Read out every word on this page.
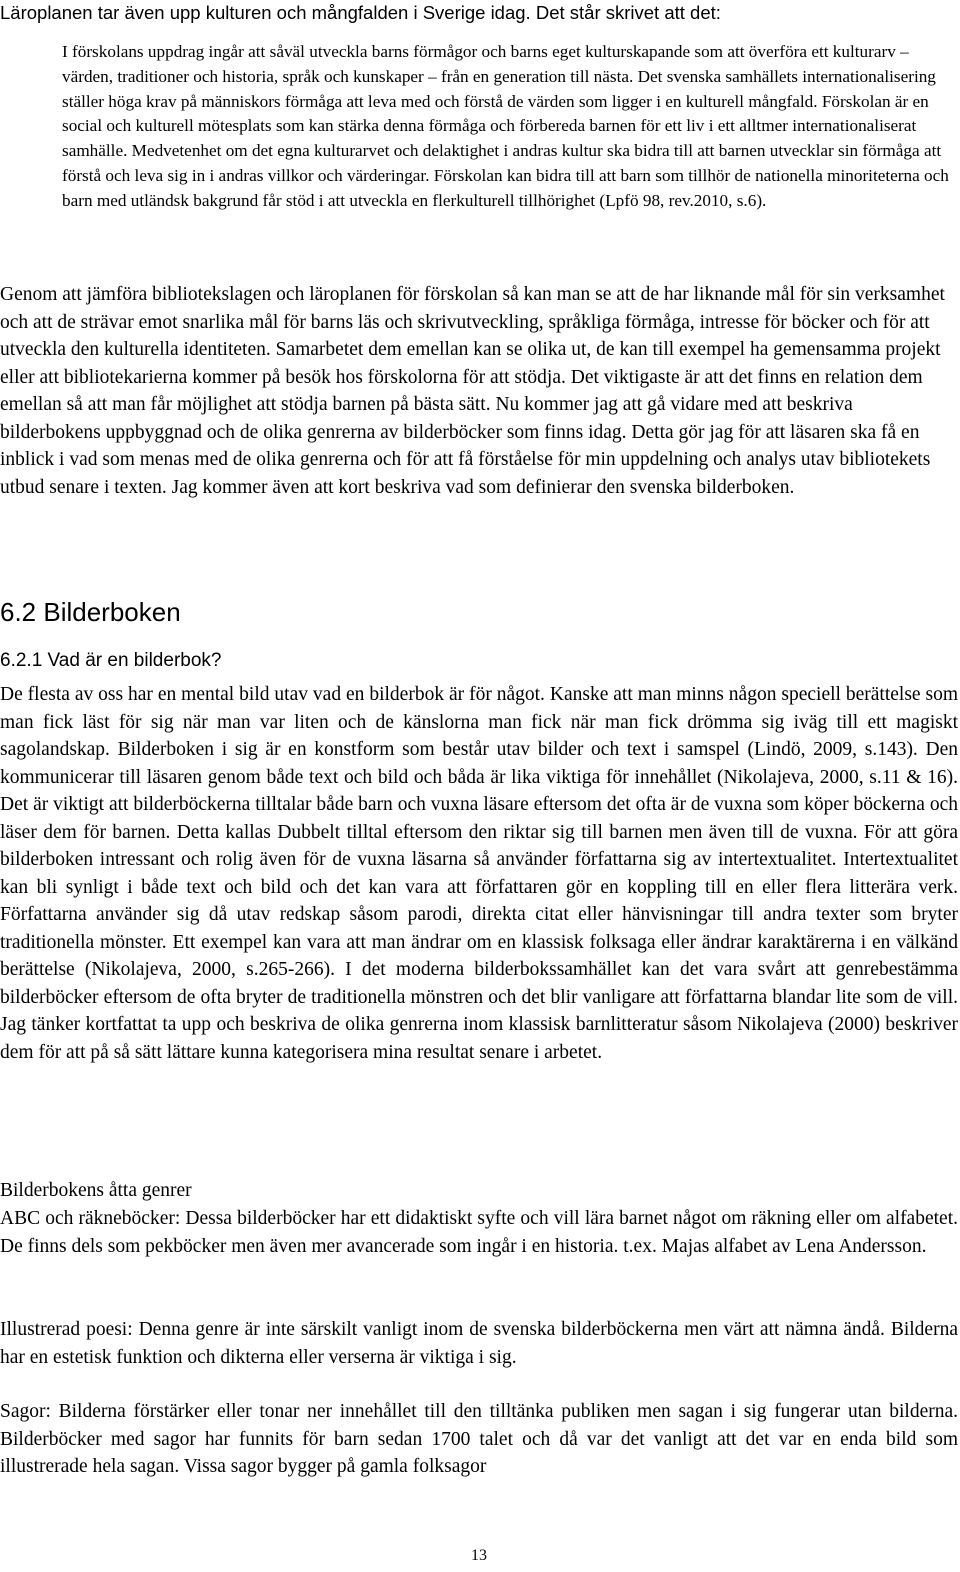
Läroplanen tar även upp kulturen och mångfalden i Sverige idag. Det står skrivet att det:

I förskolans uppdrag ingår att såväl utveckla barns förmågor och barns eget kulturskapande som att överföra ett kulturarv – värden, traditioner och historia, språk och kunskaper – från en generation till nästa. Det svenska samhällets internationalisering ställer höga krav på människors förmåga att leva med och förstå de värden som ligger i en kulturell mångfald. Förskolan är en social och kulturell mötesplats som kan stärka denna förmåga och förbereda barnen för ett liv i ett alltmer internationaliserat samhälle. Medvetenhet om det egna kulturarvet och delaktighet i andras kultur ska bidra till att barnen utvecklar sin förmåga att förstå och leva sig in i andras villkor och värderingar. Förskolan kan bidra till att barn som tillhör de nationella minoriteterna och barn med utländsk bakgrund får stöd i att utveckla en flerkulturell tillhörighet (Lpfö 98, rev.2010, s.6).

Genom att jämföra bibliotekslagen och läroplanen för förskolan så kan man se att de har liknande mål för sin verksamhet och att de strävar emot snarlika mål för barns läs och skrivutveckling, språkliga förmåga, intresse för böcker och för att utveckla den kulturella identiteten. Samarbetet dem emellan kan se olika ut, de kan till exempel ha gemensamma projekt eller att bibliotekarierna kommer på besök hos förskolorna för att stödja. Det viktigaste är att det finns en relation dem emellan så att man får möjlighet att stödja barnen på bästa sätt. Nu kommer jag att gå vidare med att beskriva bilderbokens uppbyggnad och de olika genrerna av bilderböcker som finns idag. Detta gör jag för att läsaren ska få en inblick i vad som menas med de olika genrerna och för att få förståelse för min uppdelning och analys utav bibliotekets utbud senare i texten. Jag kommer även att kort beskriva vad som definierar den svenska bilderboken.

6.2 Bilderboken
6.2.1 Vad är en bilderbok?

De flesta av oss har en mental bild utav vad en bilderbok är för något. Kanske att man minns någon speciell berättelse som man fick läst för sig när man var liten och de känslorna man fick när man fick drömma sig iväg till ett magiskt sagolandskap. Bilderboken i sig är en konstform som består utav bilder och text i samspel (Lindö, 2009, s.143). Den kommunicerar till läsaren genom både text och bild och båda är lika viktiga för innehållet (Nikolajeva, 2000, s.11 & 16). Det är viktigt att bilderböckerna tilltalar både barn och vuxna läsare eftersom det ofta är de vuxna som köper böckerna och läser dem för barnen. Detta kallas Dubbelt tilltal eftersom den riktar sig till barnen men även till de vuxna. För att göra bilderboken intressant och rolig även för de vuxna läsarna så använder författarna sig av intertextualitet. Intertextualitet kan bli synligt i både text och bild och det kan vara att författaren gör en koppling till en eller flera litterära verk. Författarna använder sig då utav redskap såsom parodi, direkta citat eller hänvisningar till andra texter som bryter traditionella mönster. Ett exempel kan vara att man ändrar om en klassisk folksaga eller ändrar karaktärerna i en välkänd berättelse (Nikolajeva, 2000, s.265-266). I det moderna bilderbokssamhället kan det vara svårt att genrebestämma bilderböcker eftersom de ofta bryter de traditionella mönstren och det blir vanligare att författarna blandar lite som de vill. Jag tänker kortfattat ta upp och beskriva de olika genrerna inom klassisk barnlitteratur såsom Nikolajeva (2000) beskriver dem för att på så sätt lättare kunna kategorisera mina resultat senare i arbetet.

Bilderbokens åtta genrer

ABC och räkneböcker: Dessa bilderböcker har ett didaktiskt syfte och vill lära barnet något om räkning eller om alfabetet. De finns dels som pekböcker men även mer avancerade som ingår i en historia. t.ex. Majas alfabet av Lena Andersson.

Illustrerad poesi: Denna genre är inte särskilt vanligt inom de svenska bilderböckerna men värt att nämna ändå. Bilderna har en estetisk funktion och dikterna eller verserna är viktiga i sig.

Sagor: Bilderna förstärker eller tonar ner innehållet till den tilltänka publiken men sagan i sig fungerar utan bilderna. Bilderböcker med sagor har funnits för barn sedan 1700 talet och då var det vanligt att det var en enda bild som illustrerade hela sagan. Vissa sagor bygger på gamla folksagor

13
